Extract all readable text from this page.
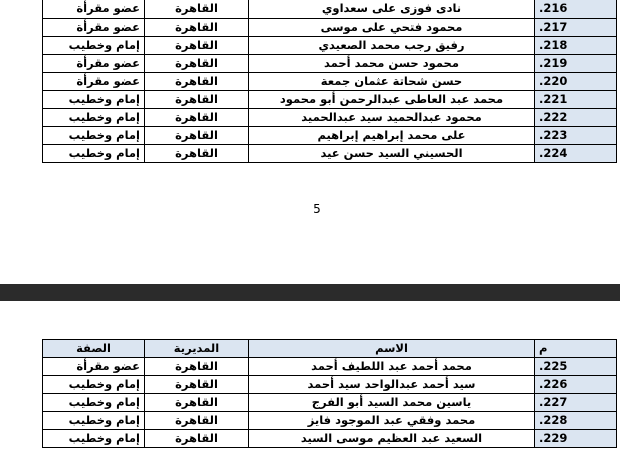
.216	نادى فوزى على سعداوي	القاهرة	عضو مقرأة
.217	محمود فتحي على موسى	القاهرة	عضو مقرأة
.218	رفيق رجب محمد الصعيدي	القاهرة	إمام وخطيب
.219	محمود حسن محمد أحمد	القاهرة	عضو مقرأة
.220	حسن شحاتة عثمان جمعة	القاهرة	عضو مقرأة
.221	محمد عبد العاطى عبدالرحمن أبو محمود	القاهرة	إمام وخطيب
.222	محمود عبدالحميد سيد عبدالحميد	القاهرة	إمام وخطيب
.223	على محمد إبراهيم إبراهيم	القاهرة	إمام وخطيب
.224	الحسيني السيد حسن عيد	القاهرة	إمام وخطيب
5
م	الاسم	المديرية	الصفة
.225	محمد أحمد عبد اللطيف أحمد	القاهرة	عضو مقرأة
.226	سيد أحمد عبدالواحد سيد أحمد	القاهرة	إمام وخطيب
.227	ياسين محمد السيد أبو الفرج	القاهرة	إمام وخطيب
.228	محمد وفقي عبد الموجود فايز	القاهرة	إمام وخطيب
.229	السعيد عبد العظيم موسى السيد	القاهرة	إمام وخطيب
